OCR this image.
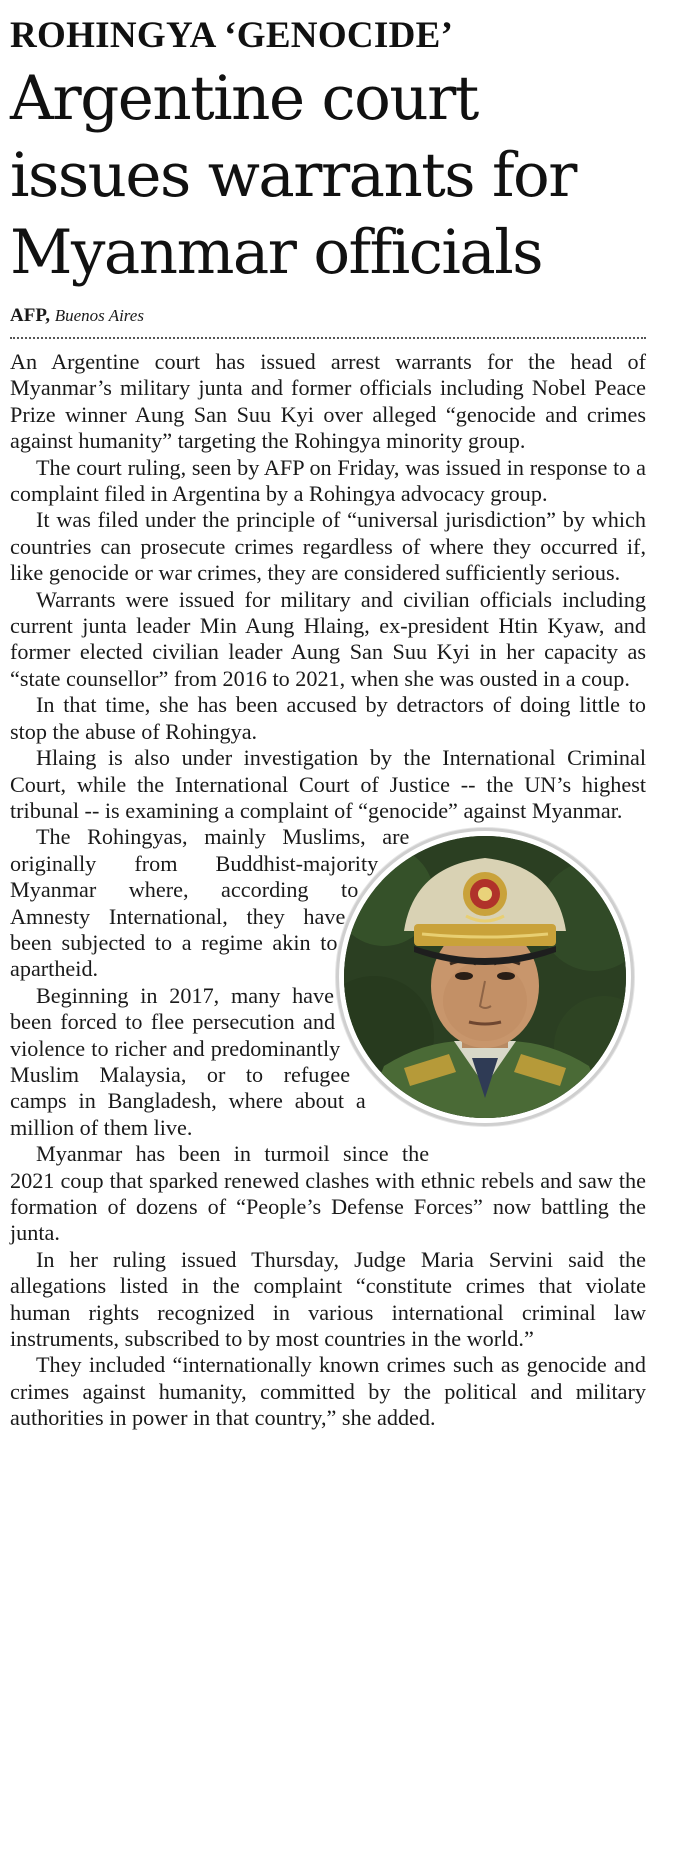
ROHINGYA ‘GENOCIDE’
Argentine court issues warrants for Myanmar officials
AFP, Buenos Aires

An Argentine court has issued arrest warrants for the head of Myanmar’s military junta and former officials including Nobel Peace Prize winner Aung San Suu Kyi over alleged “genocide and crimes against humanity” targeting the Rohingya minority group.

The court ruling, seen by AFP on Friday, was issued in response to a complaint filed in Argentina by a Rohingya advocacy group.

It was filed under the principle of “universal jurisdiction” by which countries can prosecute crimes regardless of where they occurred if, like genocide or war crimes, they are considered sufficiently serious.

Warrants were issued for military and civilian officials including current junta leader Min Aung Hlaing, ex-president Htin Kyaw, and former elected civilian leader Aung San Suu Kyi in her capacity as “state counsellor” from 2016 to 2021, when she was ousted in a coup.

In that time, she has been accused by detractors of doing little to stop the abuse of Rohingya.

Hlaing is also under investigation by the International Criminal Court, while the International Court of Justice -- the UN’s highest tribunal -- is examining a complaint of “genocide” against Myanmar.

The Rohingyas, mainly Muslims, are originally from Buddhist-majority Myanmar where, according to Amnesty International, they have been subjected to a regime akin to apartheid.

Beginning in 2017, many have been forced to flee persecution and violence to richer and predominantly Muslim Malaysia, or to refugee camps in Bangladesh, where about a million of them live.

Myanmar has been in turmoil since the 2021 coup that sparked renewed clashes with ethnic rebels and saw the formation of dozens of “People’s Defense Forces” now battling the junta.

In her ruling issued Thursday, Judge Maria Servini said the allegations listed in the complaint “constitute crimes that violate human rights recognized in various international criminal law instruments, subscribed to by most countries in the world.”

They included “internationally known crimes such as genocide and crimes against humanity, committed by the political and military authorities in power in that country,” she added.
